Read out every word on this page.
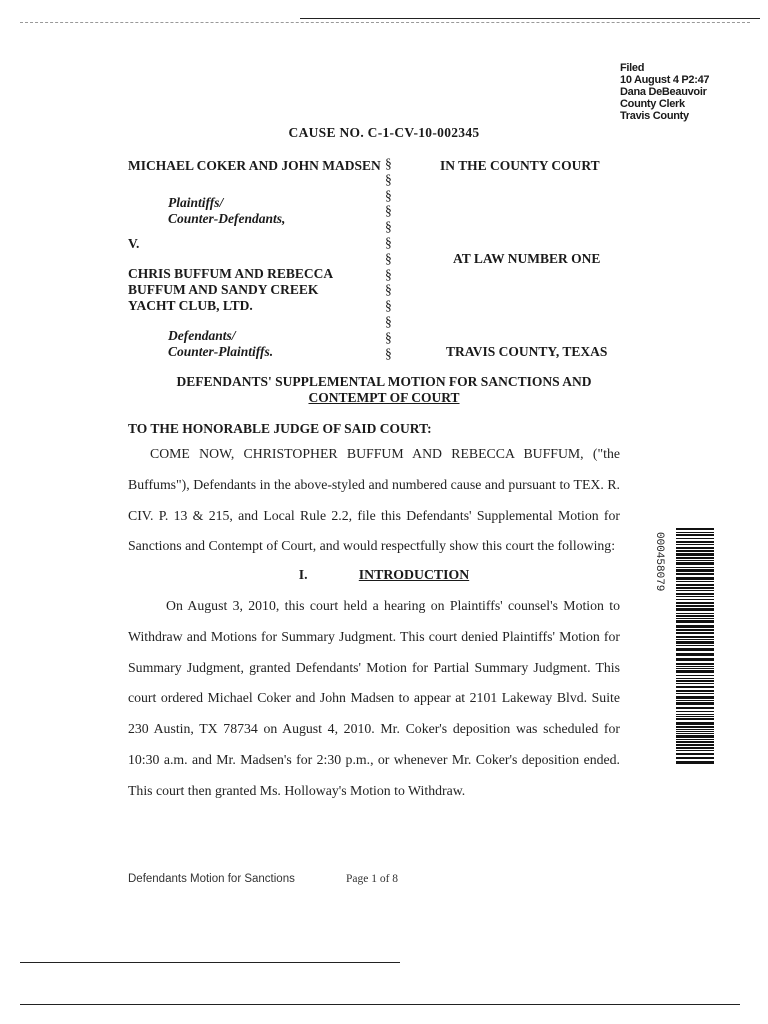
Filed
10 August 4 P2:47
Dana DeBeauvoir
County Clerk
Travis County
CAUSE NO. C-1-CV-10-002345
MICHAEL COKER AND JOHN MADSEN
Plaintiffs/
Counter-Defendants,
V.
CHRIS BUFFUM AND REBECCA
BUFFUM AND SANDY CREEK
YACHT CLUB, LTD.
Defendants/
Counter-Plaintiffs.
§
§
§
§
§
§
§
§
§
§
§
§
§
IN THE COUNTY COURT
AT LAW NUMBER ONE
TRAVIS COUNTY, TEXAS
DEFENDANTS' SUPPLEMENTAL MOTION FOR SANCTIONS AND
CONTEMPT OF COURT
TO THE HONORABLE JUDGE OF SAID COURT:
COME NOW, CHRISTOPHER BUFFUM AND REBECCA BUFFUM, ("the Buffums"), Defendants in the above-styled and numbered cause and pursuant to TEX. R. CIV. P. 13 & 215, and Local Rule 2.2, file this Defendants' Supplemental Motion for Sanctions and Contempt of Court, and would respectfully show this court the following:
I.	INTRODUCTION
On August 3, 2010, this court held a hearing on Plaintiffs' counsel's Motion to Withdraw and Motions for Summary Judgment. This court denied Plaintiffs' Motion for Summary Judgment, granted Defendants' Motion for Partial Summary Judgment. This court ordered Michael Coker and John Madsen to appear at 2101 Lakeway Blvd. Suite 230 Austin, TX 78734 on August 4, 2010. Mr. Coker's deposition was scheduled for 10:30 a.m. and Mr. Madsen's for 2:30 p.m., or whenever Mr. Coker's deposition ended. This court then granted Ms. Holloway's Motion to Withdraw.
000458079
Defendants Motion for Sanctions	Page 1 of 8
